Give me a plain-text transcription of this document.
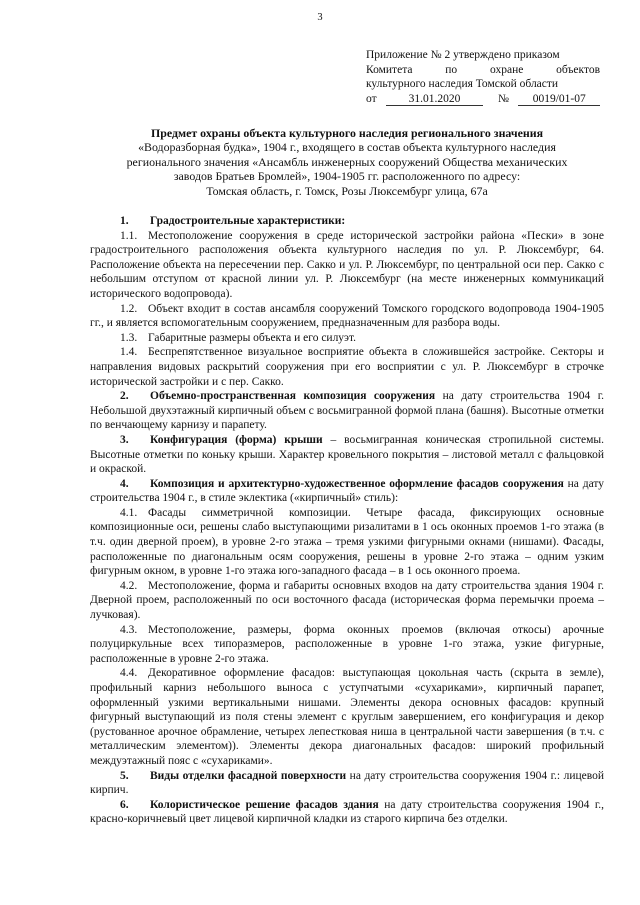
3
Приложение № 2 утверждено приказом
Комитета	по	охране	объектов
культурного наследия Томской области
от	31.01.2020	№	0019/01-07
Предмет охраны объекта культурного наследия регионального значения
«Водоразборная будка», 1904 г., входящего в состав объекта культурного наследия
регионального значения «Ансамбль инженерных сооружений Общества механических
заводов Братьев Бромлей», 1904-1905 гг. расположенного по адресу:
Томская область, г. Томск, Розы Люксембург улица, 67а
1. Градостроительные характеристики:

1.1. Местоположение сооружения в среде исторической застройки района «Пески» в зоне градостроительного расположения объекта культурного наследия по ул. Р. Люксембург, 64. Расположение объекта на пересечении пер. Сакко и ул. Р. Люксембург, по центральной оси пер. Сакко с небольшим отступом от красной линии ул. Р. Люксембург (на месте инженерных коммуникаций исторического водопровода).

1.2. Объект входит в состав ансамбля сооружений Томского городского водопровода 1904-1905 гг., и является вспомогательным сооружением, предназначенным для разбора воды.

1.3. Габаритные размеры объекта и его силуэт.

1.4. Беспрепятственное визуальное восприятие объекта в сложившейся застройке. Секторы и направления видовых раскрытий сооружения при его восприятии с ул. Р. Люксембург в строчке исторической застройки и с пер. Сакко.

2. Объемно-пространственная композиция сооружения на дату строительства 1904 г. Небольшой двухэтажный кирпичный объем с восьмигранной формой плана (башня). Высотные отметки по венчающему карнизу и парапету.
3. Конфигурация (форма) крыши – восьмигранная коническая стропильной системы. Высотные отметки по коньку крыши. Характер кровельного покрытия – листовой металл с фальцовкой и окраской.
4. Композиция и архитектурно-художественное оформление фасадов сооружения на дату строительства 1904 г., в стиле эклектика («кирпичный» стиль):

4.1. Фасады симметричной композиции. Четыре фасада, фиксирующих основные композиционные оси, решены слабо выступающими ризалитами в 1 ось оконных проемов 1-го этажа (в т.ч. один дверной проем), в уровне 2-го этажа – тремя узкими фигурными окнами (нишами). Фасады, расположенные по диагональным осям сооружения, решены в уровне 2-го этажа – одним узким фигурным окном, в уровне 1-го этажа юго-западного фасада – в 1 ось оконного проема.

4.2. Местоположение, форма и габариты основных входов на дату строительства здания 1904 г. Дверной проем, расположенный по оси восточного фасада (историческая форма перемычки проема – лучковая).

4.3. Местоположение, размеры, форма оконных проемов (включая откосы) арочные полуциркульные всех типоразмеров, расположенные в уровне 1-го этажа, узкие фигурные, расположенные в уровне 2-го этажа.

4.4. Декоративное оформление фасадов: выступающая цокольная часть (скрыта в земле), профильный карниз небольшого выноса с уступчатыми «сухариками», кирпичный парапет, оформленный узкими вертикальными нишами. Элементы декора основных фасадов: крупный фигурный выступающий из поля стены элемент с круглым завершением, его конфигурация и декор (рустованное арочное обрамление, четырех лепестковая ниша в центральной части завершения (в т.ч. с металлическим элементом)). Элементы декора диагональных фасадов: широкий профильный междуэтажный пояс с «сухариками».

5. Виды отделки фасадной поверхности на дату строительства сооружения 1904 г.: лицевой кирпич.
6. Колористическое решение фасадов здания на дату строительства сооружения 1904 г., красно-коричневый цвет лицевой кирпичной кладки из старого кирпича без отделки.
